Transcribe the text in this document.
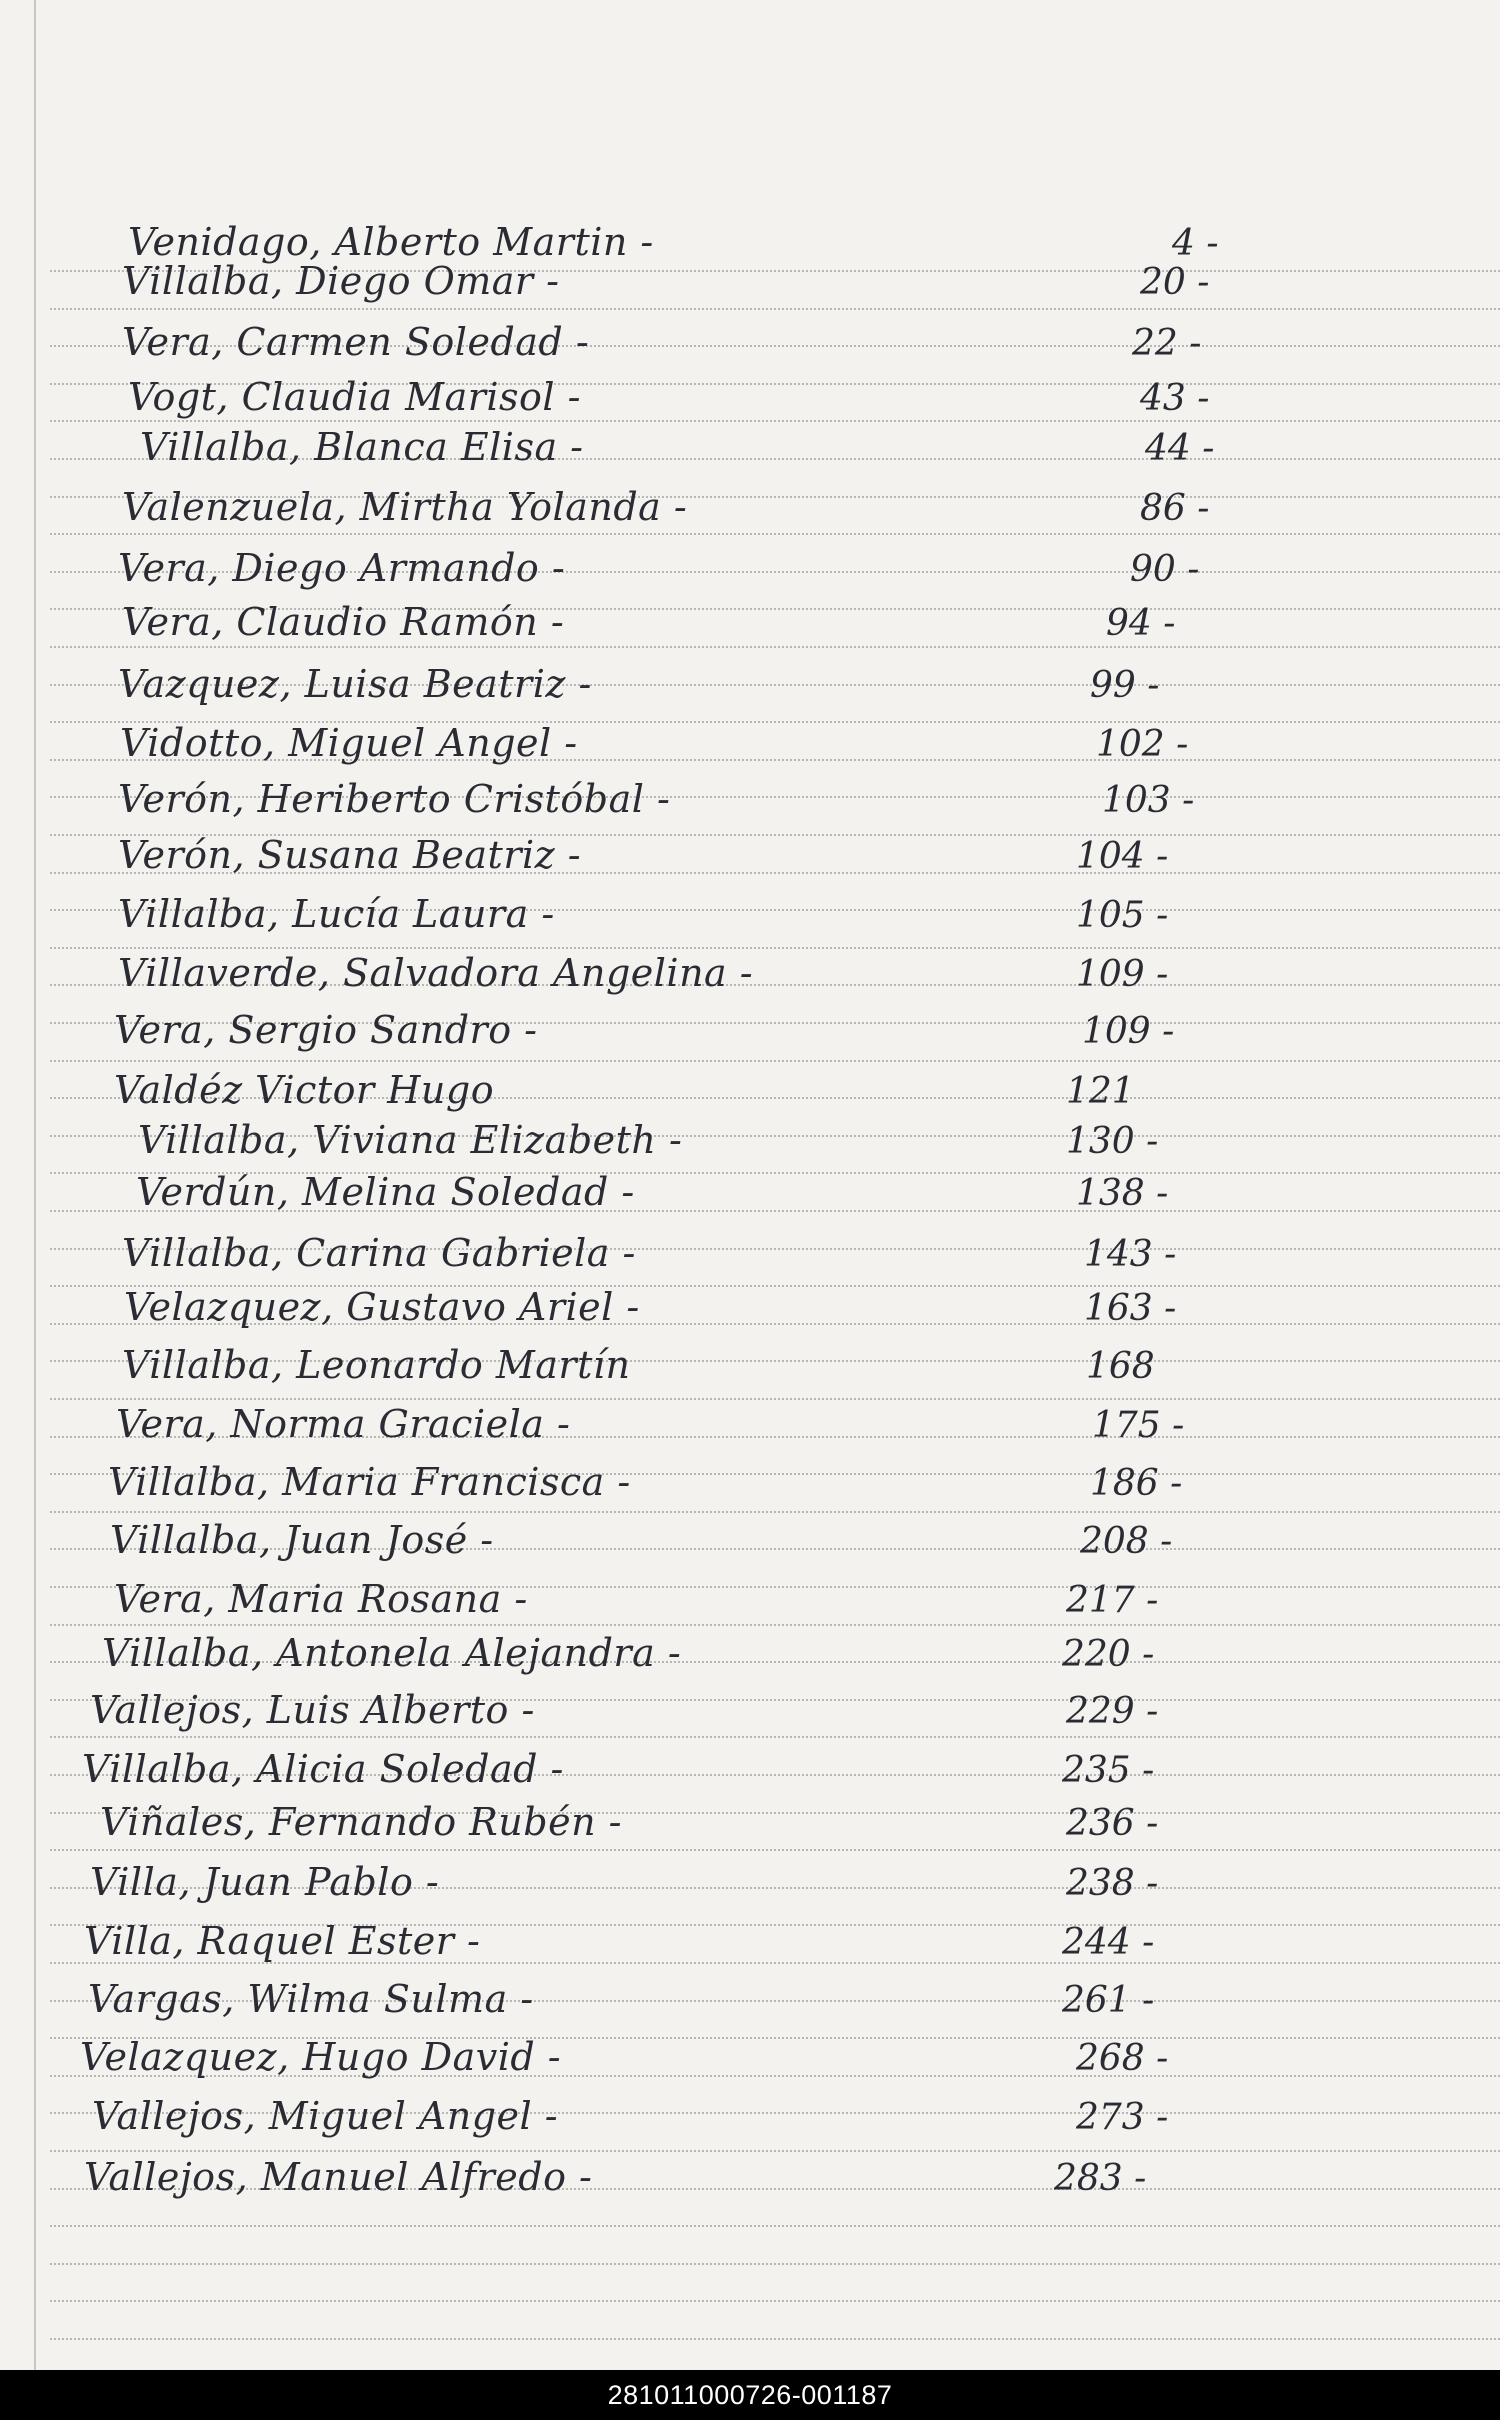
Venidago, Alberto Martin -	4 -
Villalba, Diego Omar -	20 -
Vera, Carmen Soledad -	22 -
Vogt, Claudia Marisol -	43 -
Villalba, Blanca Elisa -	44 -
Valenzuela, Mirtha Yolanda -	86 -
Vera, Diego Armando -	90 -
Vera, Claudio Ramón -	94 -
Vazquez, Luisa Beatriz -	99 -
Vidotto, Miguel Angel -	102 -
Verón, Heriberto Cristóbal -	103 -
Verón, Susana Beatriz -	104 -
Villalba, Lucía Laura -	105 -
Villaverde, Salvadora Angelina -	109 -
Vera, Sergio Sandro -	109 -
Valdéz Victor Hugo	121
Villalba, Viviana Elizabeth -	130 -
Verdún, Melina Soledad -	138 -
Villalba, Carina Gabriela -	143 -
Velazquez, Gustavo Ariel -	163 -
Villalba, Leonardo Martín	168
Vera, Norma Graciela -	175 -
Villalba, Maria Francisca -	186 -
Villalba, Juan José -	208 -
Vera, Maria Rosana -	217 -
Villalba, Antonela Alejandra -	220 -
Vallejos, Luis Alberto -	229 -
Villalba, Alicia Soledad -	235 -
Viñales, Fernando Rubén -	236 -
Villa, Juan Pablo -	238 -
Villa, Raquel Ester -	244 -
Vargas, Wilma Sulma -	261 -
Velazquez, Hugo David -	268 -
Vallejos, Miguel Angel -	273 -
Vallejos, Manuel Alfredo -	283 -
281011000726-001187
